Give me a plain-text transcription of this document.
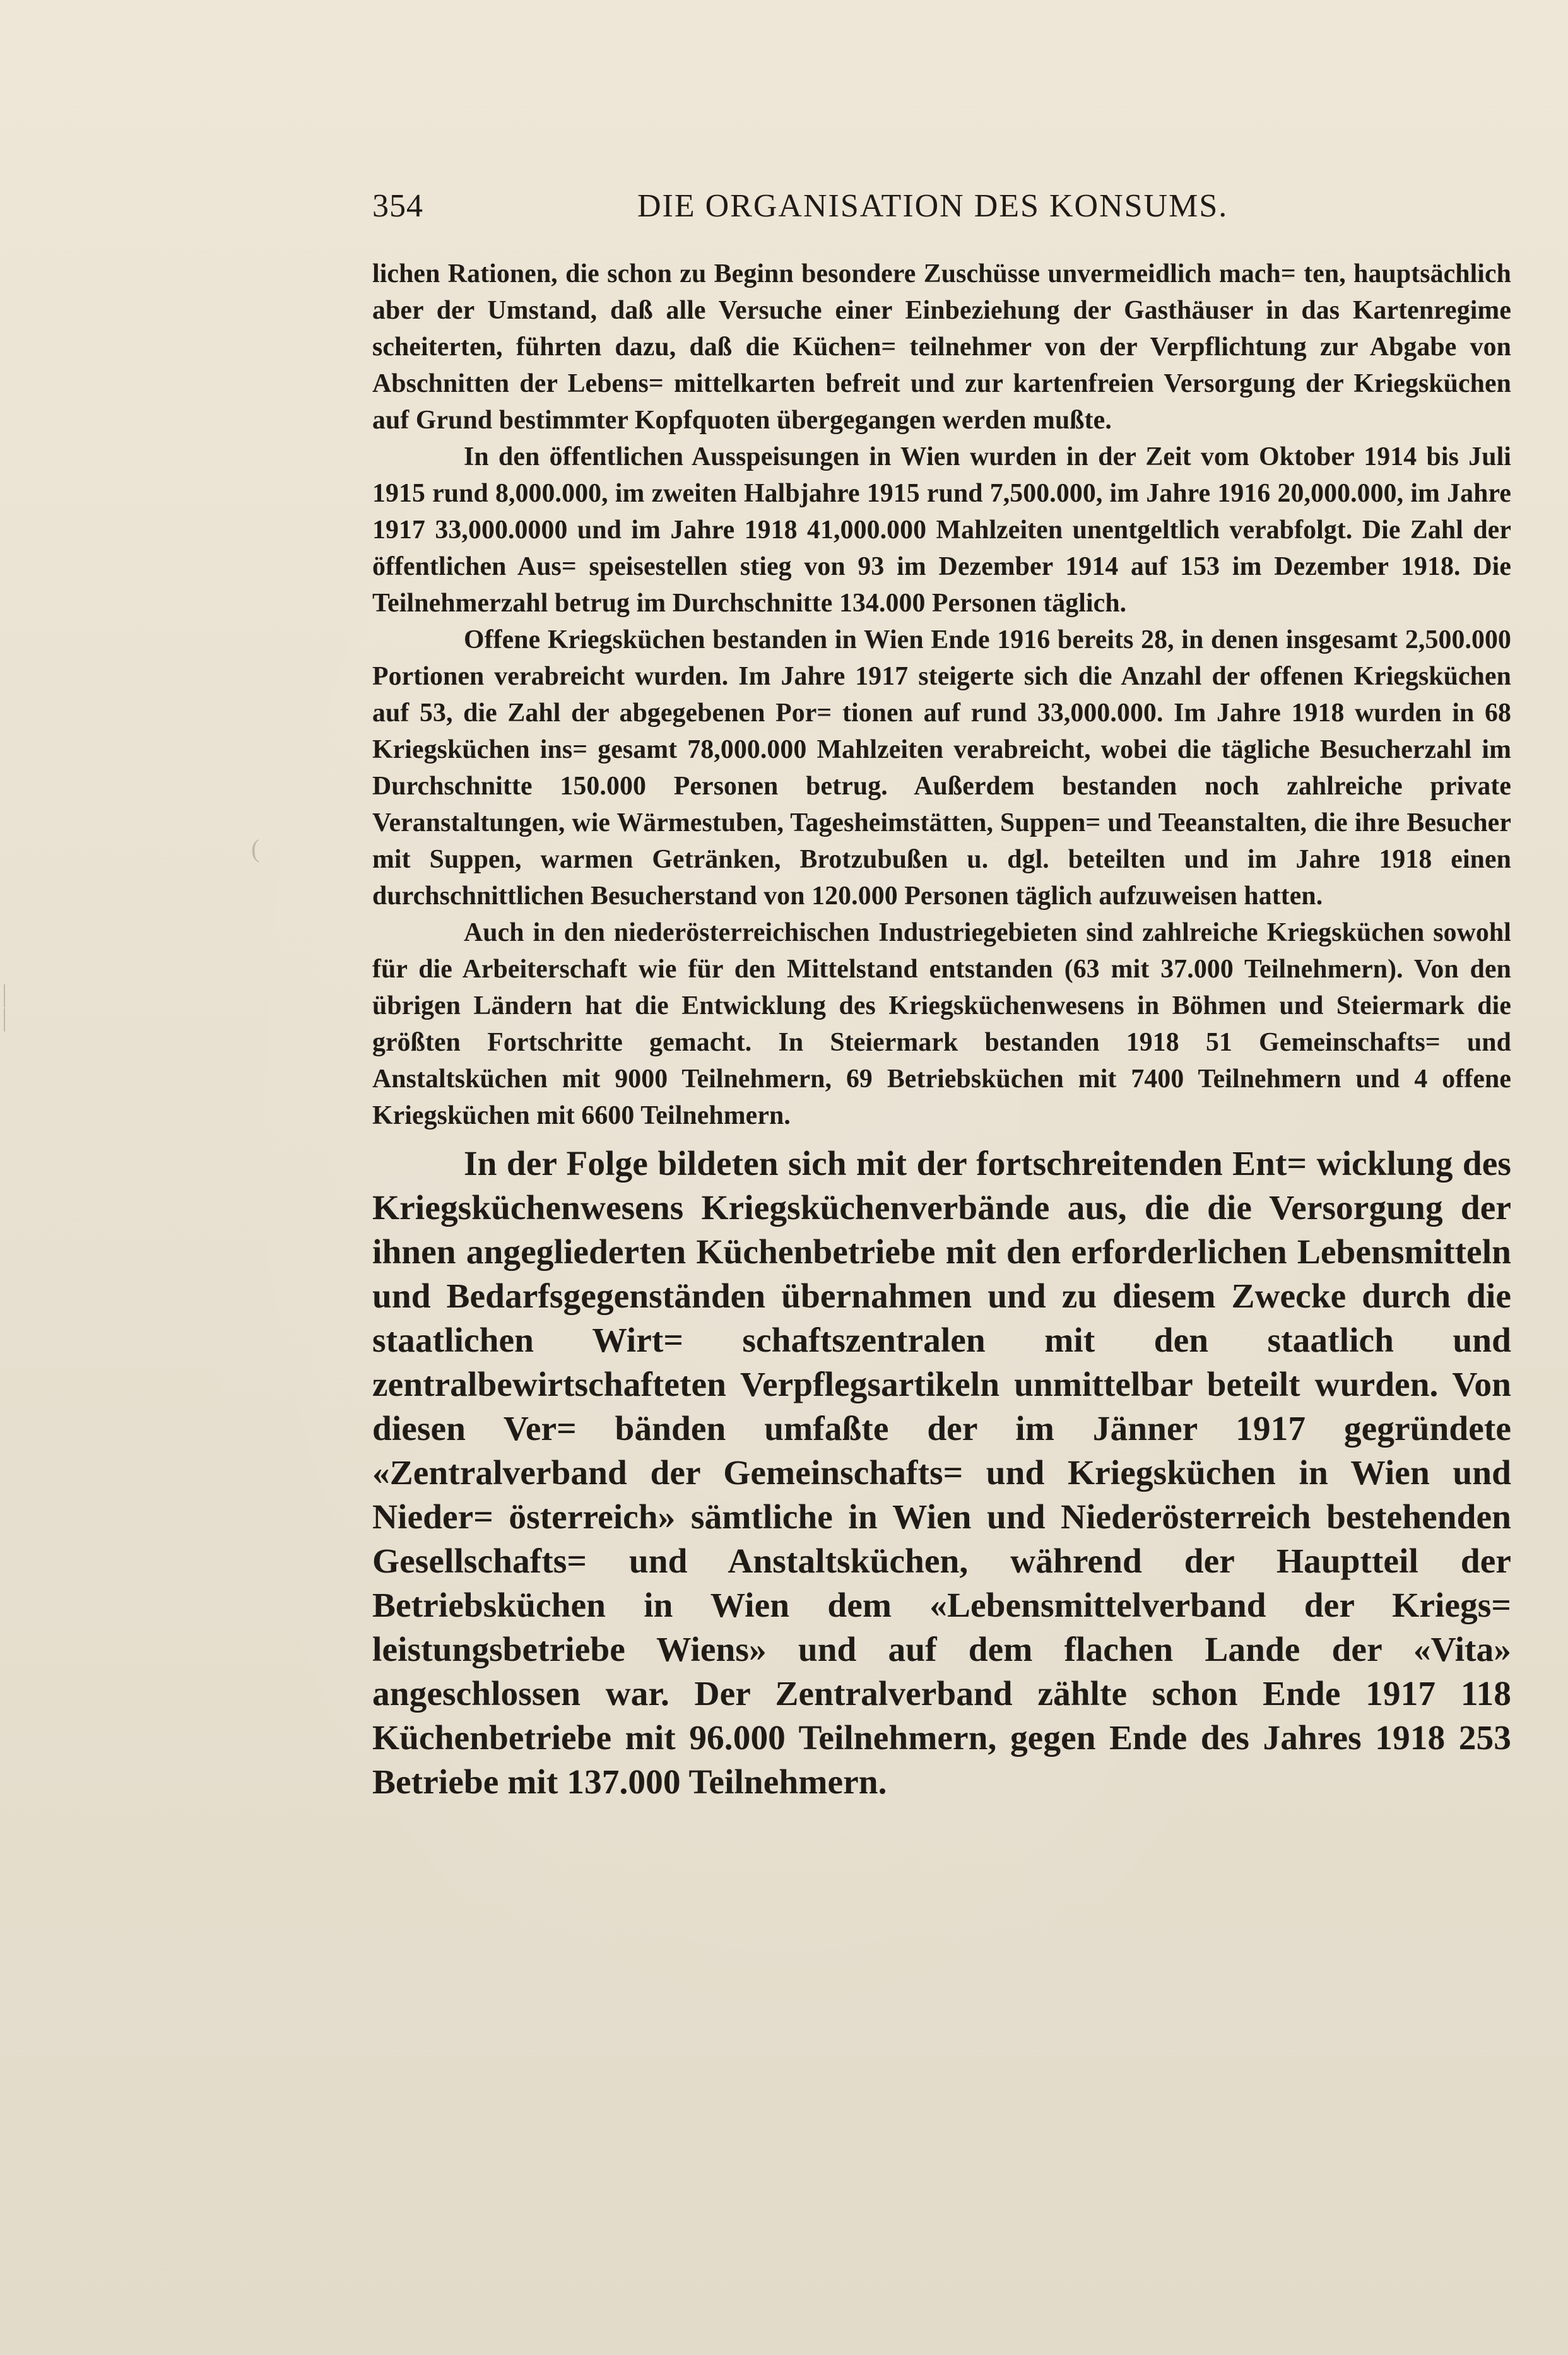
354	DIE ORGANISATION DES KONSUMS.

lichen Rationen, die schon zu Beginn besondere Zuschüsse unvermeidlich mach= ten, hauptsächlich aber der Umstand, daß alle Versuche einer Einbeziehung der Gasthäuser in das Kartenregime scheiterten, führten dazu, daß die Küchen= teilnehmer von der Verpflichtung zur Abgabe von Abschnitten der Lebens= mittelkarten befreit und zur kartenfreien Versorgung der Kriegsküchen auf Grund bestimmter Kopfquoten übergegangen werden mußte.

In den öffentlichen Ausspeisungen in Wien wurden in der Zeit vom Oktober 1914 bis Juli 1915 rund 8,000.000, im zweiten Halbjahre 1915 rund 7,500.000, im Jahre 1916 20,000.000, im Jahre 1917 33,000.0000 und im Jahre 1918 41,000.000 Mahlzeiten unentgeltlich verabfolgt. Die Zahl der öffentlichen Aus= speisestellen stieg von 93 im Dezember 1914 auf 153 im Dezember 1918. Die Teilnehmerzahl betrug im Durchschnitte 134.000 Personen täglich.

Offene Kriegsküchen bestanden in Wien Ende 1916 bereits 28, in denen insgesamt 2,500.000 Portionen verabreicht wurden. Im Jahre 1917 steigerte sich die Anzahl der offenen Kriegsküchen auf 53, die Zahl der abgegebenen Por= tionen auf rund 33,000.000. Im Jahre 1918 wurden in 68 Kriegsküchen ins= gesamt 78,000.000 Mahlzeiten verabreicht, wobei die tägliche Besucherzahl im Durchschnitte 150.000 Personen betrug. Außerdem bestanden noch zahlreiche private Veranstaltungen, wie Wärmestuben, Tagesheimstätten, Suppen= und Teeanstalten, die ihre Besucher mit Suppen, warmen Getränken, Brotzubußen u. dgl. beteilten und im Jahre 1918 einen durchschnittlichen Besucherstand von 120.000 Personen täglich aufzuweisen hatten.

Auch in den niederösterreichischen Industriegebieten sind zahlreiche Kriegsküchen sowohl für die Arbeiterschaft wie für den Mittelstand entstanden (63 mit 37.000 Teilnehmern). Von den übrigen Ländern hat die Entwicklung des Kriegsküchenwesens in Böhmen und Steiermark die größten Fortschritte gemacht. In Steiermark bestanden 1918 51 Gemeinschafts= und Anstaltsküchen mit 9000 Teilnehmern, 69 Betriebsküchen mit 7400 Teilnehmern und 4 offene Kriegsküchen mit 6600 Teilnehmern.

In der Folge bildeten sich mit der fortschreitenden Ent= wicklung des Kriegsküchenwesens Kriegsküchenverbände aus, die die Versorgung der ihnen angegliederten Küchenbetriebe mit den erforderlichen Lebensmitteln und Bedarfsgegenständen übernahmen und zu diesem Zwecke durch die staatlichen Wirt= schaftszentralen mit den staatlich und zentralbewirtschafteten Verpflegsartikeln unmittelbar beteilt wurden. Von diesen Ver= bänden umfaßte der im Jänner 1917 gegründete «Zentralverband der Gemeinschafts= und Kriegsküchen in Wien und Nieder= österreich» sämtliche in Wien und Niederösterreich bestehenden Gesellschafts= und Anstaltsküchen, während der Hauptteil der Betriebsküchen in Wien dem «Lebensmittelverband der Kriegs= leistungsbetriebe Wiens» und auf dem flachen Lande der «Vita» angeschlossen war. Der Zentralverband zählte schon Ende 1917 118 Küchenbetriebe mit 96.000 Teilnehmern, gegen Ende des Jahres 1918 253 Betriebe mit 137.000 Teilnehmern.

(
|
|
